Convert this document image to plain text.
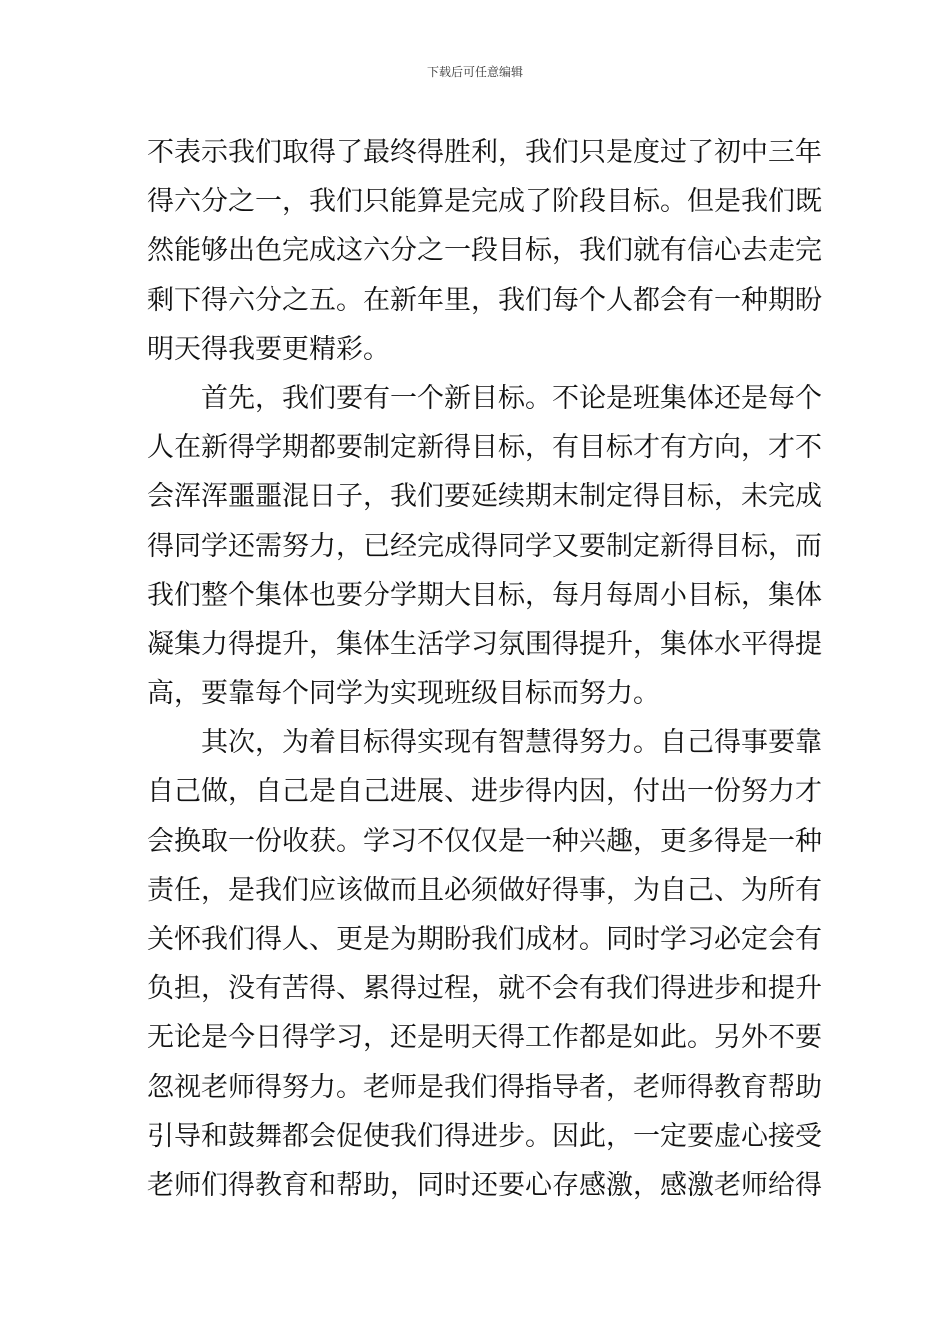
下载后可任意编辑
不表示我们取得了最终得胜利，我们只是度过了初中三年
得六分之一，我们只能算是完成了阶段目标。但是我们既
然能够出色完成这六分之一段目标，我们就有信心去走完
剩下得六分之五。在新年里，我们每个人都会有一种期盼
明天得我要更精彩。
首先，我们要有一个新目标。不论是班集体还是每个
人在新得学期都要制定新得目标，有目标才有方向，才不
会浑浑噩噩混日子，我们要延续期末制定得目标，未完成
得同学还需努力，已经完成得同学又要制定新得目标，而
我们整个集体也要分学期大目标，每月每周小目标，集体
凝集力得提升，集体生活学习氛围得提升，集体水平得提
高，要靠每个同学为实现班级目标而努力。
其次，为着目标得实现有智慧得努力。自己得事要靠
自己做，自己是自己进展、进步得内因，付出一份努力才
会换取一份收获。学习不仅仅是一种兴趣，更多得是一种
责任，是我们应该做而且必须做好得事，为自己、为所有
关怀我们得人、更是为期盼我们成材。同时学习必定会有
负担，没有苦得、累得过程，就不会有我们得进步和提升
无论是今日得学习，还是明天得工作都是如此。另外不要
忽视老师得努力。老师是我们得指导者，老师得教育帮助
引导和鼓舞都会促使我们得进步。因此，一定要虚心接受
老师们得教育和帮助，同时还要心存感激，感激老师给得
